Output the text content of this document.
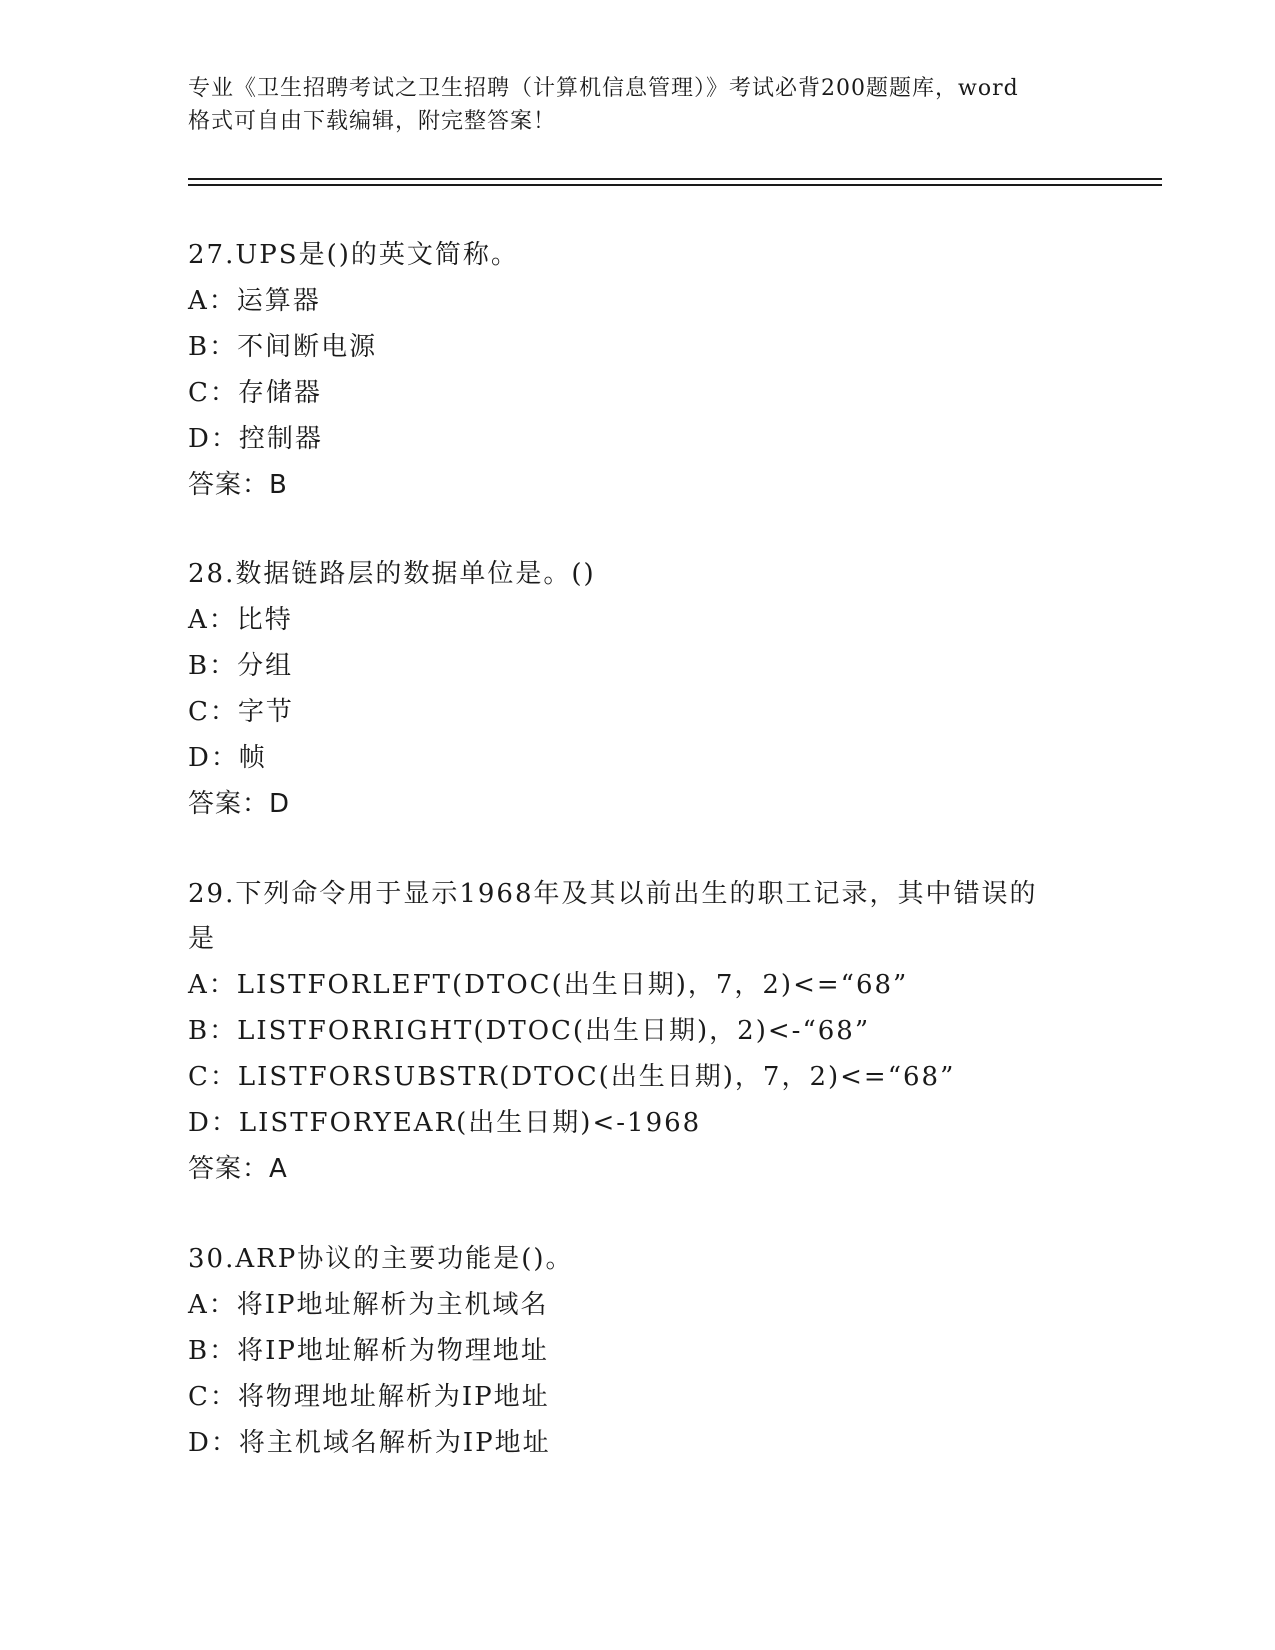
专业《卫生招聘考试之卫生招聘（计算机信息管理）》考试必背200题题库，word
格式可自由下载编辑，附完整答案！
27.UPS是()的英文简称。
A：运算器
B：不间断电源
C：存储器
D：控制器
答案：B
28.数据链路层的数据单位是。()
A：比特
B：分组
C：字节
D：帧
答案：D
29.下列命令用于显示1968年及其以前出生的职工记录，其中错误的
是
A：LISTFORLEFT(DTOC(出生日期)，7，2)<=“68”
B：LISTFORRIGHT(DTOC(出生日期)，2)<-“68”
C：LISTFORSUBSTR(DTOC(出生日期)，7，2)<=“68”
D：LISTFORYEAR(出生日期)<-1968
答案：A
30.ARP协议的主要功能是()。
A：将IP地址解析为主机域名
B：将IP地址解析为物理地址
C：将物理地址解析为IP地址
D：将主机域名解析为IP地址
